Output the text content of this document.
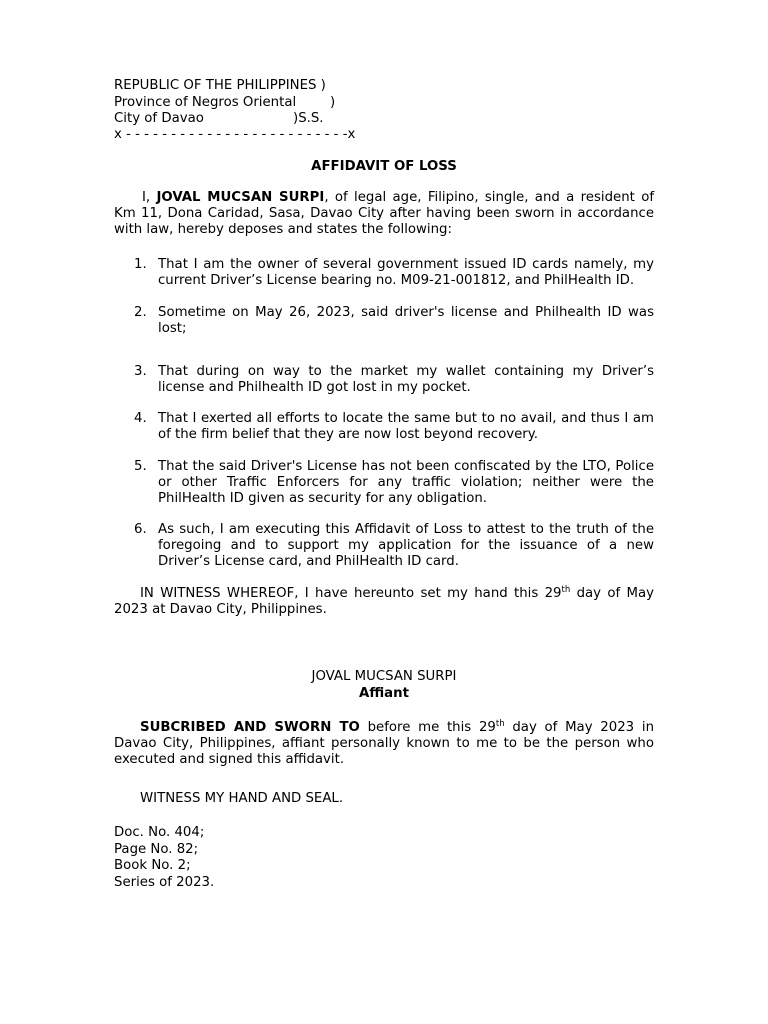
REPUBLIC OF THE PHILIPPINES )
Province of Negros Oriental        )
City of Davao	)S.S.
x - - - - - - - - - - - - - - - - - - - - - - - - -x
AFFIDAVIT OF LOSS
I, JOVAL MUCSAN SURPI, of legal age, Filipino, single, and a resident of Km 11, Dona Caridad, Sasa, Davao City after having been sworn in accordance with law, hereby deposes and states the following:
1. That I am the owner of several government issued ID cards namely, my current Driver’s License bearing no. M09-21-001812, and PhilHealth ID.
2. Sometime on May 26, 2023, said driver's license and Philhealth ID was lost;
3. That during on way to the market my wallet containing my Driver’s license and Philhealth ID got lost in my pocket.
4. That I exerted all efforts to locate the same but to no avail, and thus I am of the firm belief that they are now lost beyond recovery.
5. That the said Driver's License has not been confiscated by the LTO, Police or other Traffic Enforcers for any traffic violation; neither were the PhilHealth ID given as security for any obligation.
6. As such, I am executing this Affidavit of Loss to attest to the truth of the foregoing and to support my application for the issuance of a new Driver’s License card, and PhilHealth ID card.
IN WITNESS WHEREOF, I have hereunto set my hand this 29th day of May 2023 at Davao City, Philippines.
JOVAL MUCSAN SURPI
Affiant
SUBCRIBED AND SWORN TO before me this 29th day of May 2023 in Davao City, Philippines, affiant personally known to me to be the person who executed and signed this affidavit.
WITNESS MY HAND AND SEAL.
Doc. No. 404;
Page No. 82;
Book No. 2;
Series of 2023.
